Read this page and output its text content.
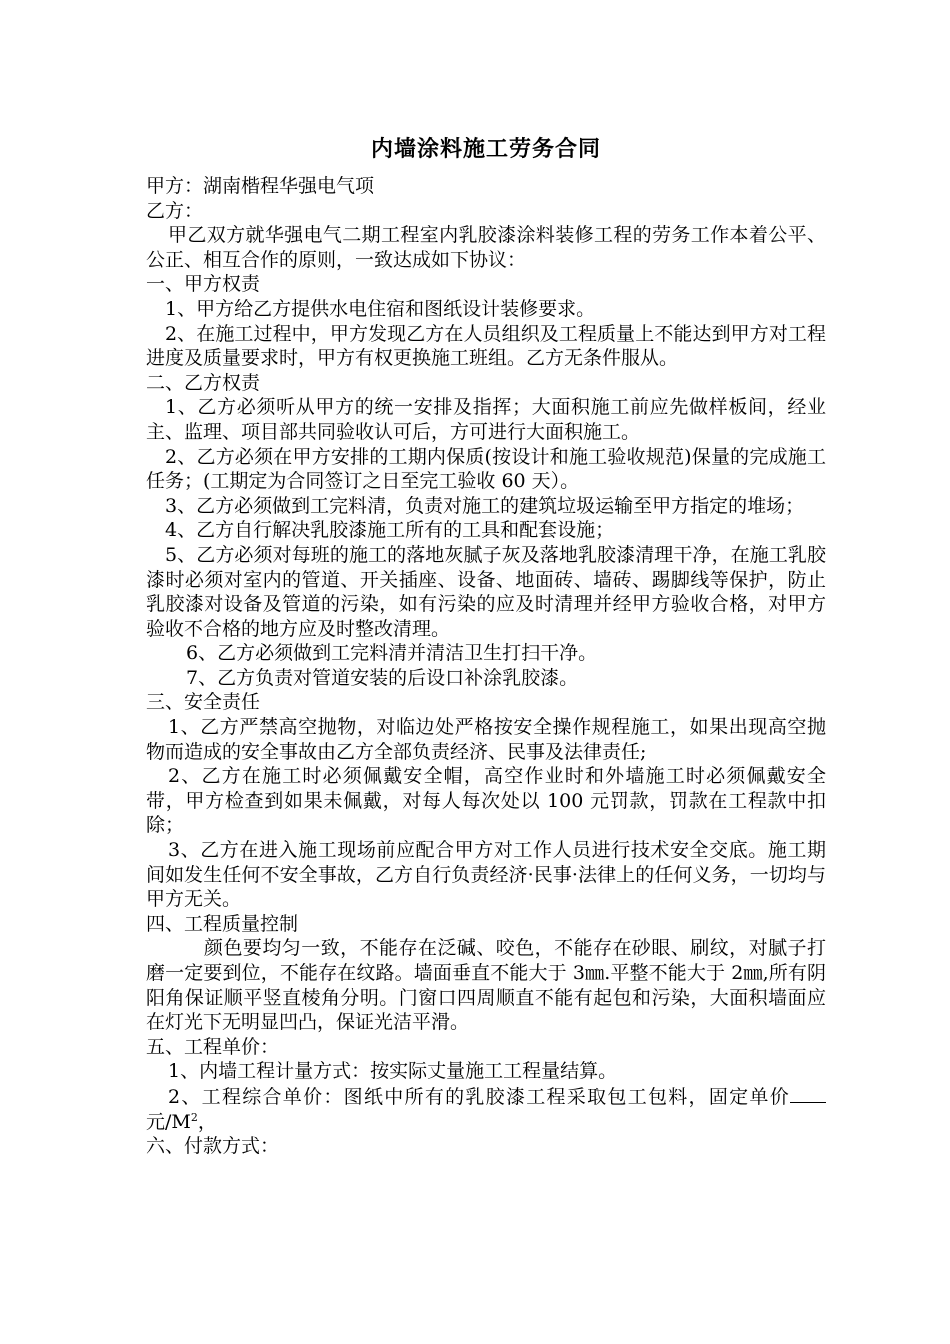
内墙涂料施工劳务合同
甲方：湖南楷程华强电气项
乙方：
甲乙双方就华强电气二期工程室内乳胶漆涂料装修工程的劳务工作本着公平、公正、相互合作的原则，一致达成如下协议：
一、甲方权责
1、甲方给乙方提供水电住宿和图纸设计装修要求。
2、在施工过程中，甲方发现乙方在人员组织及工程质量上不能达到甲方对工程进度及质量要求时，甲方有权更换施工班组。乙方无条件服从。
二、乙方权责
1、乙方必须听从甲方的统一安排及指挥；大面积施工前应先做样板间，经业主、监理、项目部共同验收认可后，方可进行大面积施工。
2、乙方必须在甲方安排的工期内保质(按设计和施工验收规范)保量的完成施工任务；(工期定为合同签订之日至完工验收 60 天）。
3、乙方必须做到工完料清，负责对施工的建筑垃圾运输至甲方指定的堆场；
4、乙方自行解决乳胶漆施工所有的工具和配套设施；
5、乙方必须对每班的施工的落地灰腻子灰及落地乳胶漆清理干净，在施工乳胶漆时必须对室内的管道、开关插座、设备、地面砖、墙砖、踢脚线等保护，防止乳胶漆对设备及管道的污染，如有污染的应及时清理并经甲方验收合格，对甲方验收不合格的地方应及时整改清理。
6、乙方必须做到工完料清并清洁卫生打扫干净。
7、乙方负责对管道安装的后设口补涂乳胶漆。
三、安全责任
1、乙方严禁高空抛物，对临边处严格按安全操作规程施工，如果出现高空抛物而造成的安全事故由乙方全部负责经济、民事及法律责任;
2、乙方在施工时必须佩戴安全帽，高空作业时和外墙施工时必须佩戴安全带，甲方检查到如果未佩戴，对每人每次处以 100 元罚款，罚款在工程款中扣除；
3、乙方在进入施工现场前应配合甲方对工作人员进行技术安全交底。施工期间如发生任何不安全事故，乙方自行负责经济·民事·法律上的任何义务，一切均与甲方无关。
四、工程质量控制
颜色要均匀一致，不能存在泛碱、咬色，不能存在砂眼、刷纹，对腻子打磨一定要到位，不能存在纹路。墙面垂直不能大于 3㎜.平整不能大于 2㎜,所有阴阳角保证顺平竖直棱角分明。门窗口四周顺直不能有起包和污染，大面积墙面应在灯光下无明显凹凸，保证光洁平滑。
五、工程单价：
1、内墙工程计量方式：按实际丈量施工工程量结算。
2、工程综合单价：图纸中所有的乳胶漆工程采取包工包料，固定单价元$/M^2$，
六、付款方式：
